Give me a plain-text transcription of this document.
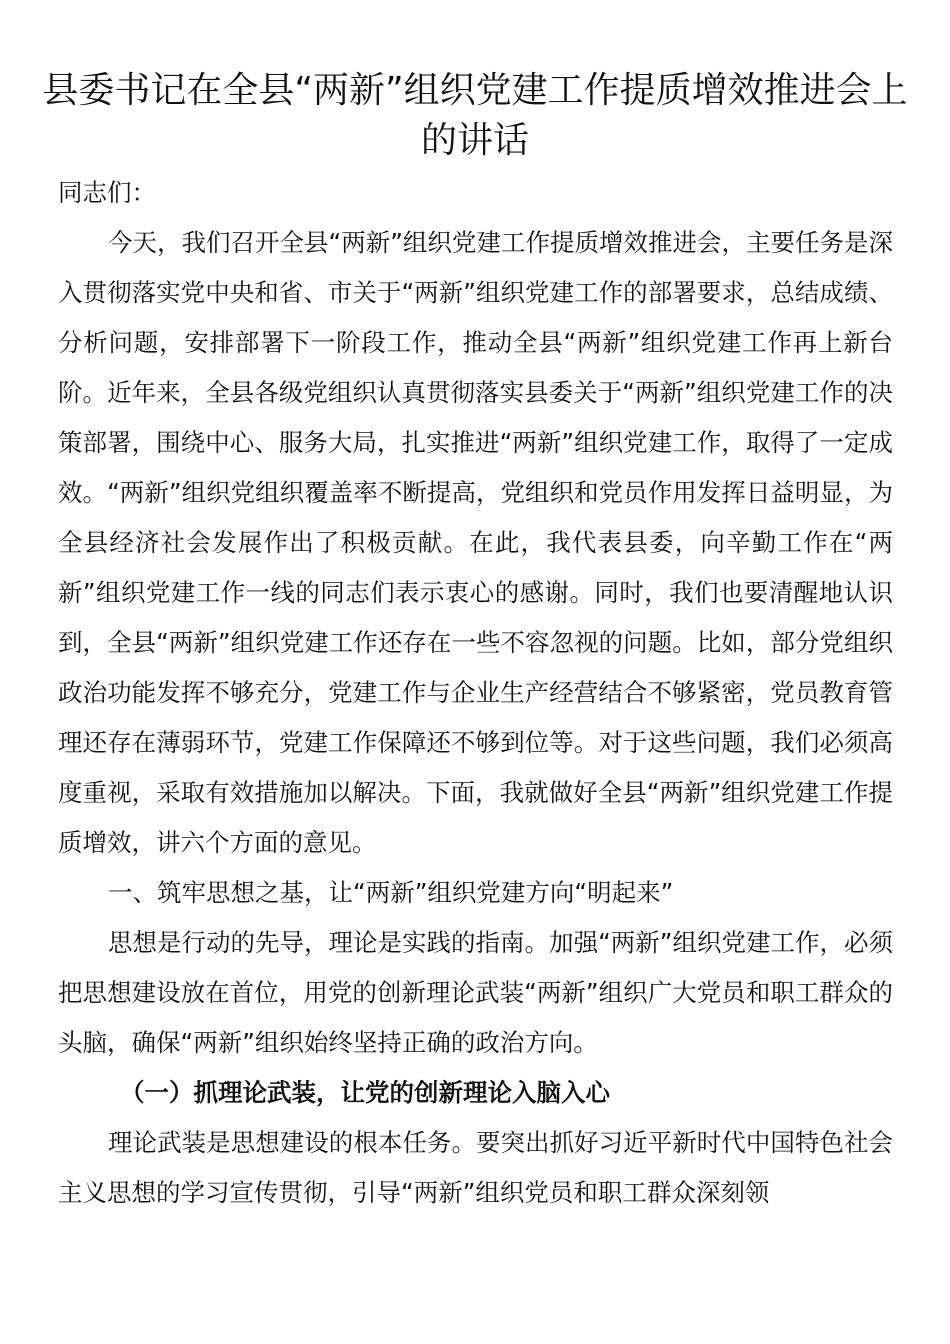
县委书记在全县“两新”组织党建工作提质增效推进会上的讲话

同志们：

今天，我们召开全县“两新”组织党建工作提质增效推进会，主要任务是深入贯彻落实党中央和省、市关于“两新”组织党建工作的部署要求，总结成绩、分析问题，安排部署下一阶段工作，推动全县“两新”组织党建工作再上新台阶。近年来，全县各级党组织认真贯彻落实县委关于“两新”组织党建工作的决策部署，围绕中心、服务大局，扎实推进“两新”组织党建工作，取得了一定成效。“两新”组织党组织覆盖率不断提高，党组织和党员作用发挥日益明显，为全县经济社会发展作出了积极贡献。在此，我代表县委，向辛勤工作在“两新”组织党建工作一线的同志们表示衷心的感谢。同时，我们也要清醒地认识到，全县“两新”组织党建工作还存在一些不容忽视的问题。比如，部分党组织政治功能发挥不够充分，党建工作与企业生产经营结合不够紧密，党员教育管理还存在薄弱环节，党建工作保障还不够到位等。对于这些问题，我们必须高度重视，采取有效措施加以解决。下面，我就做好全县“两新”组织党建工作提质增效，讲六个方面的意见。

一、筑牢思想之基，让“两新”组织党建方向“明起来”

思想是行动的先导，理论是实践的指南。加强“两新”组织党建工作，必须把思想建设放在首位，用党的创新理论武装“两新”组织广大党员和职工群众的头脑，确保“两新”组织始终坚持正确的政治方向。

（一）抓理论武装，让党的创新理论入脑入心

理论武装是思想建设的根本任务。要突出抓好习近平新时代中国特色社会主义思想的学习宣传贯彻，引导“两新”组织党员和职工群众深刻领
